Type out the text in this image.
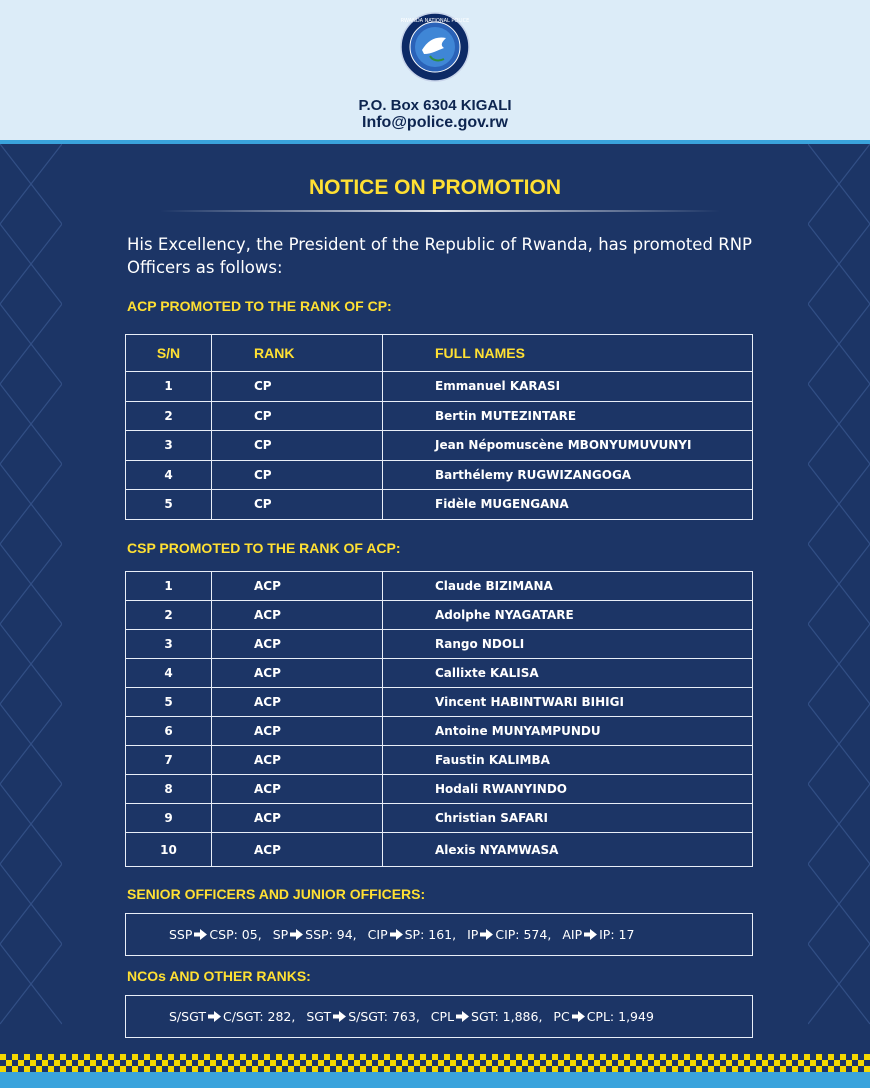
RWANDA NATIONAL POLICE
P.O. Box 6304 KIGALI
Info@police.gov.rw
NOTICE ON PROMOTION

His Excellency, the President of the Republic of Rwanda, has promoted RNP Officers as follows:

ACP PROMOTED TO THE RANK OF CP:
S/N	RANK	FULL NAMES
1	CP	Emmanuel KARASI
2	CP	Bertin MUTEZINTARE
3	CP	Jean Népomuscène MBONYUMUVUNYI
4	CP	Barthélemy RUGWIZANGOGA
5	CP	Fidèle MUGENGANA
CSP PROMOTED TO THE RANK OF ACP:
1	ACP	Claude BIZIMANA
2	ACP	Adolphe NYAGATARE
3	ACP	Rango NDOLI
4	ACP	Callixte KALISA
5	ACP	Vincent HABINTWARI BIHIGI
6	ACP	Antoine MUNYAMPUNDU
7	ACP	Faustin KALIMBA
8	ACP	Hodali RWANYINDO
9	ACP	Christian SAFARI
10	ACP	Alexis NYAMWASA
SENIOR OFFICERS AND JUNIOR OFFICERS:
SSP CSP: 05, SP SSP: 94, CIP SP: 161, IP CIP: 574, AIP IP: 17
NCOs AND OTHER RANKS:
S/SGT C/SGT: 282, SGT S/SGT: 763, CPL SGT: 1,886, PC CPL: 1,949
